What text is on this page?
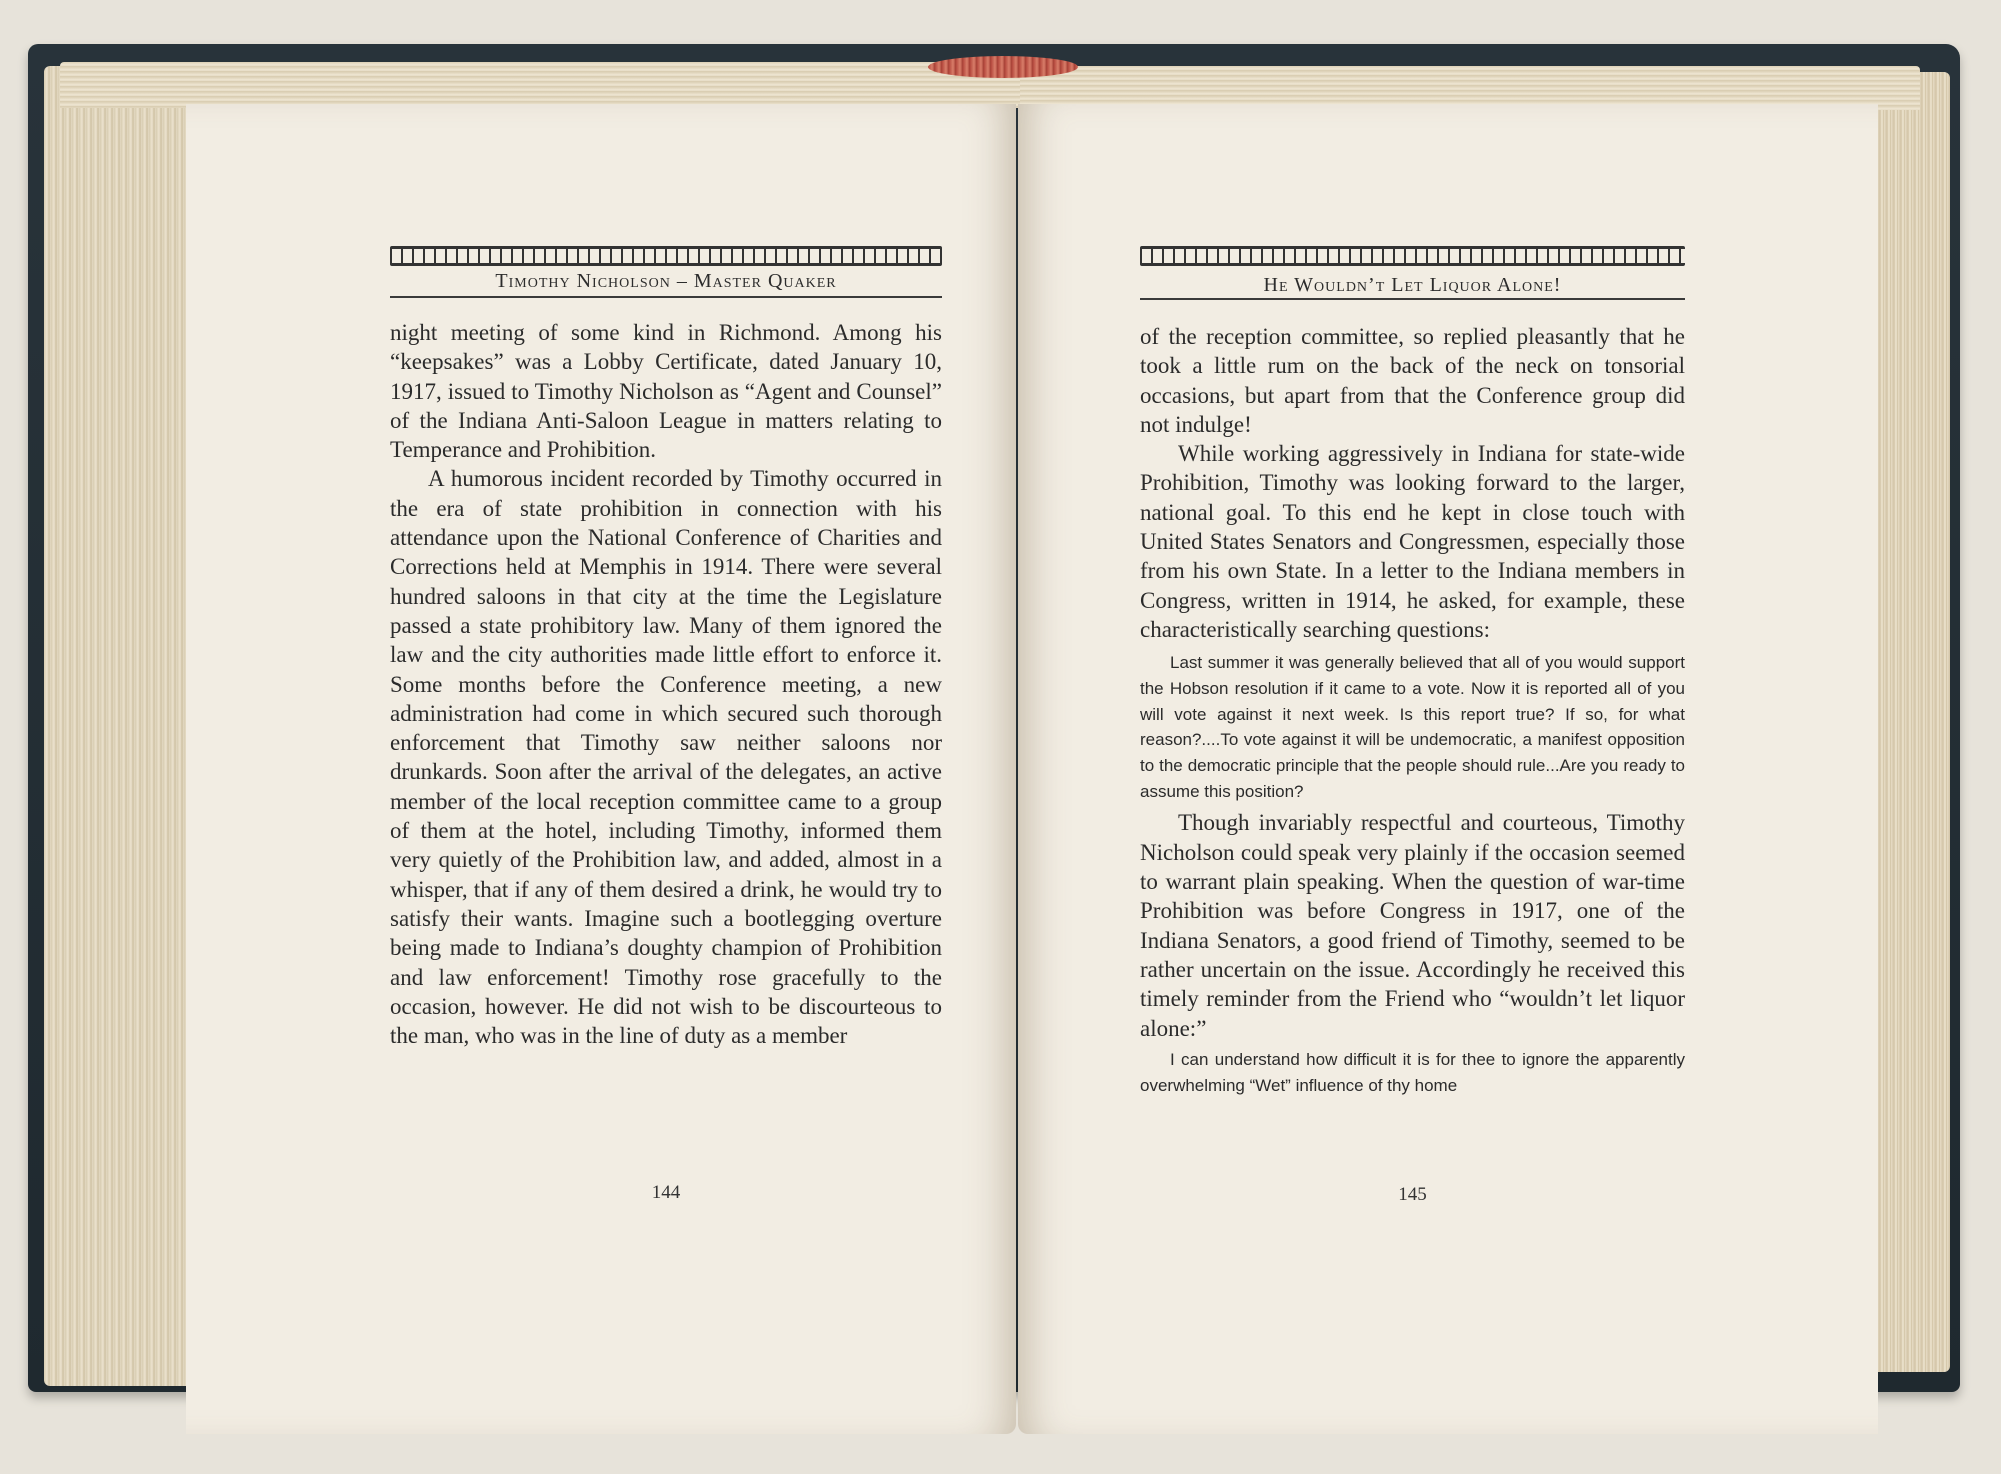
Timothy Nicholson – Master Quaker

night meeting of some kind in Richmond. Among his “keepsakes” was a Lobby Certificate, dated January 10, 1917, issued to Timothy Nicholson as “Agent and Counsel” of the Indiana Anti-Saloon League in matters relating to Temperance and Prohibition.

A humorous incident recorded by Timothy occurred in the era of state prohibition in connection with his attendance upon the National Conference of Charities and Corrections held at Memphis in 1914. There were several hundred saloons in that city at the time the Legislature passed a state prohibitory law. Many of them ignored the law and the city authorities made little effort to enforce it. Some months before the Conference meeting, a new administration had come in which secured such thorough enforcement that Timothy saw neither saloons nor drunkards. Soon after the arrival of the delegates, an active member of the local reception committee came to a group of them at the hotel, including Timothy, informed them very quietly of the Prohibition law, and added, almost in a whisper, that if any of them desired a drink, he would try to satisfy their wants. Imagine such a bootlegging overture being made to Indiana’s doughty champion of Prohibition and law enforcement! Timothy rose gracefully to the occasion, however. He did not wish to be discourteous to the man, who was in the line of duty as a member

144
He Wouldn’t Let Liquor Alone!

of the reception committee, so replied pleasantly that he took a little rum on the back of the neck on tonsorial occasions, but apart from that the Conference group did not indulge!

While working aggressively in Indiana for state-wide Prohibition, Timothy was looking forward to the larger, national goal. To this end he kept in close touch with United States Senators and Congressmen, especially those from his own State. In a letter to the Indiana members in Congress, written in 1914, he asked, for example, these characteristically searching questions:

Last summer it was generally believed that all of you would support the Hobson resolution if it came to a vote. Now it is reported all of you will vote against it next week. Is this report true? If so, for what reason?....To vote against it will be undemocratic, a manifest opposition to the democratic principle that the people should rule...Are you ready to assume this position?

Though invariably respectful and courteous, Timothy Nicholson could speak very plainly if the occasion seemed to warrant plain speaking. When the question of war-time Prohibition was before Congress in 1917, one of the Indiana Senators, a good friend of Timothy, seemed to be rather uncertain on the issue. Accordingly he received this timely reminder from the Friend who “wouldn’t let liquor alone:”

I can understand how difficult it is for thee to ignore the apparently overwhelming “Wet” influence of thy home

145
